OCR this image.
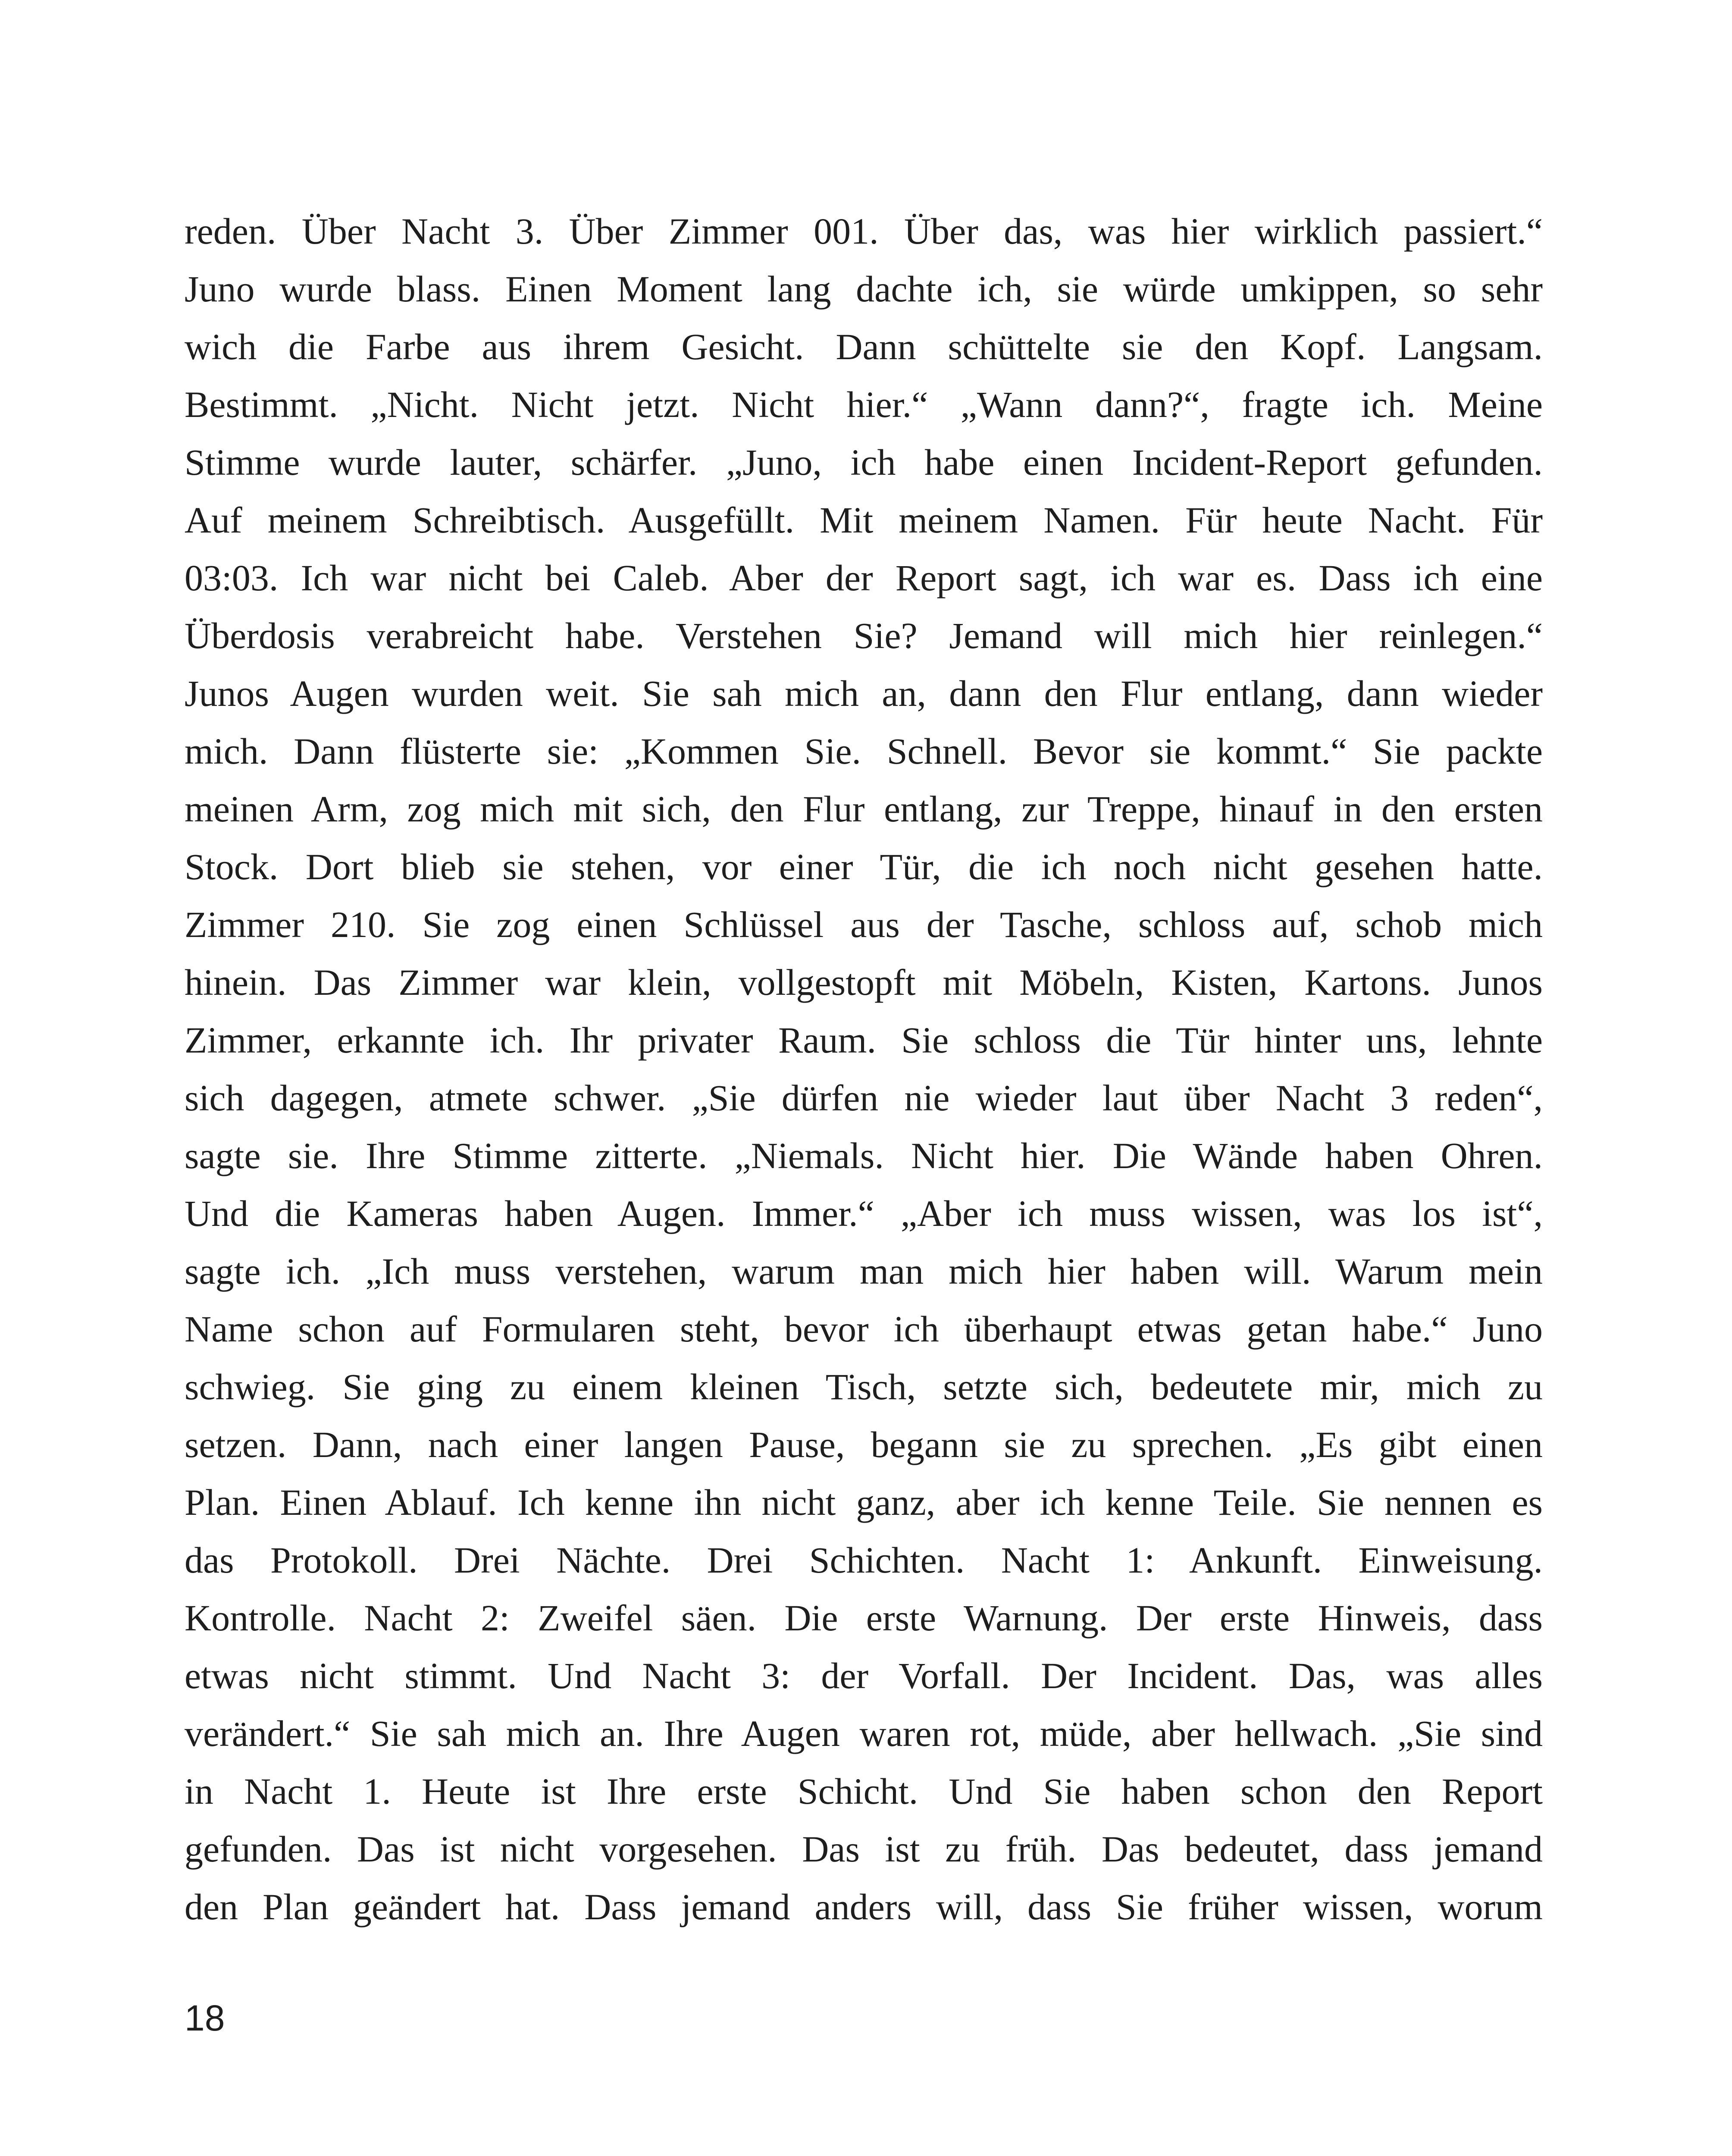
reden. Über Nacht 3. Über Zimmer 001. Über das, was hier wirklich passiert.“
Juno wurde blass. Einen Moment lang dachte ich, sie würde umkippen, so sehr
wich die Farbe aus ihrem Gesicht. Dann schüttelte sie den Kopf. Langsam.
Bestimmt. „Nicht. Nicht jetzt. Nicht hier.“ „Wann dann?“, fragte ich. Meine
Stimme wurde lauter, schärfer. „Juno, ich habe einen Incident-Report gefunden.
Auf meinem Schreibtisch. Ausgefüllt. Mit meinem Namen. Für heute Nacht. Für
03:03. Ich war nicht bei Caleb. Aber der Report sagt, ich war es. Dass ich eine
Überdosis verabreicht habe. Verstehen Sie? Jemand will mich hier reinlegen.“
Junos Augen wurden weit. Sie sah mich an, dann den Flur entlang, dann wieder
mich. Dann flüsterte sie: „Kommen Sie. Schnell. Bevor sie kommt.“ Sie packte
meinen Arm, zog mich mit sich, den Flur entlang, zur Treppe, hinauf in den ersten
Stock. Dort blieb sie stehen, vor einer Tür, die ich noch nicht gesehen hatte.
Zimmer 210. Sie zog einen Schlüssel aus der Tasche, schloss auf, schob mich
hinein. Das Zimmer war klein, vollgestopft mit Möbeln, Kisten, Kartons. Junos
Zimmer, erkannte ich. Ihr privater Raum. Sie schloss die Tür hinter uns, lehnte
sich dagegen, atmete schwer. „Sie dürfen nie wieder laut über Nacht 3 reden“,
sagte sie. Ihre Stimme zitterte. „Niemals. Nicht hier. Die Wände haben Ohren.
Und die Kameras haben Augen. Immer.“ „Aber ich muss wissen, was los ist“,
sagte ich. „Ich muss verstehen, warum man mich hier haben will. Warum mein
Name schon auf Formularen steht, bevor ich überhaupt etwas getan habe.“ Juno
schwieg. Sie ging zu einem kleinen Tisch, setzte sich, bedeutete mir, mich zu
setzen. Dann, nach einer langen Pause, begann sie zu sprechen. „Es gibt einen
Plan. Einen Ablauf. Ich kenne ihn nicht ganz, aber ich kenne Teile. Sie nennen es
das Protokoll. Drei Nächte. Drei Schichten. Nacht 1: Ankunft. Einweisung.
Kontrolle. Nacht 2: Zweifel säen. Die erste Warnung. Der erste Hinweis, dass
etwas nicht stimmt. Und Nacht 3: der Vorfall. Der Incident. Das, was alles
verändert.“ Sie sah mich an. Ihre Augen waren rot, müde, aber hellwach. „Sie sind
in Nacht 1. Heute ist Ihre erste Schicht. Und Sie haben schon den Report
gefunden. Das ist nicht vorgesehen. Das ist zu früh. Das bedeutet, dass jemand
den Plan geändert hat. Dass jemand anders will, dass Sie früher wissen, worum
18
